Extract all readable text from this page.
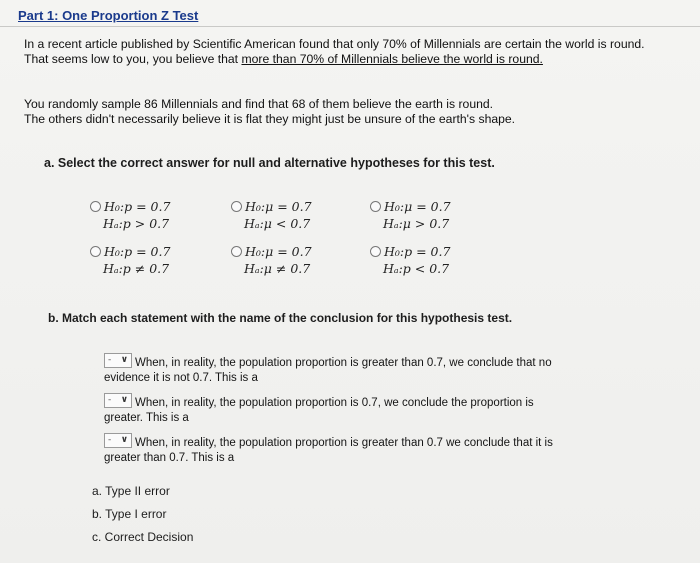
Part 1: One Proportion Z Test
In a recent article published by Scientific American found that only 70% of Millennials are certain the world is round.
That seems low to you, you believe that more than 70% of Millennials believe the world is round.
You randomly sample 86 Millennials and find that 68 of them believe the earth is round.
The others didn't necessarily believe it is flat they might just be unsure of the earth's shape.
a. Select the correct answer for null and alternative hypotheses for this test.
H₀:p = 0.7
Hₐ:p > 0.7
H₀:μ = 0.7
Hₐ:μ < 0.7
H₀:μ = 0.7
Hₐ:μ > 0.7
H₀:p = 0.7
Hₐ:p ≠ 0.7
H₀:μ = 0.7
Hₐ:μ ≠ 0.7
H₀:p = 0.7
Hₐ:p < 0.7
b. Match each statement with the name of the conclusion for this hypothesis test.
- ∨ When, in reality, the population proportion is greater than 0.7, we conclude that no
evidence it is not 0.7. This is a
- ∨ When, in reality, the population proportion is 0.7, we conclude the proportion is
greater. This is a
- ∨ When, in reality, the population proportion is greater than 0.7 we conclude that it is
greater than 0.7. This is a
a. Type II error
b. Type I error
c. Correct Decision
